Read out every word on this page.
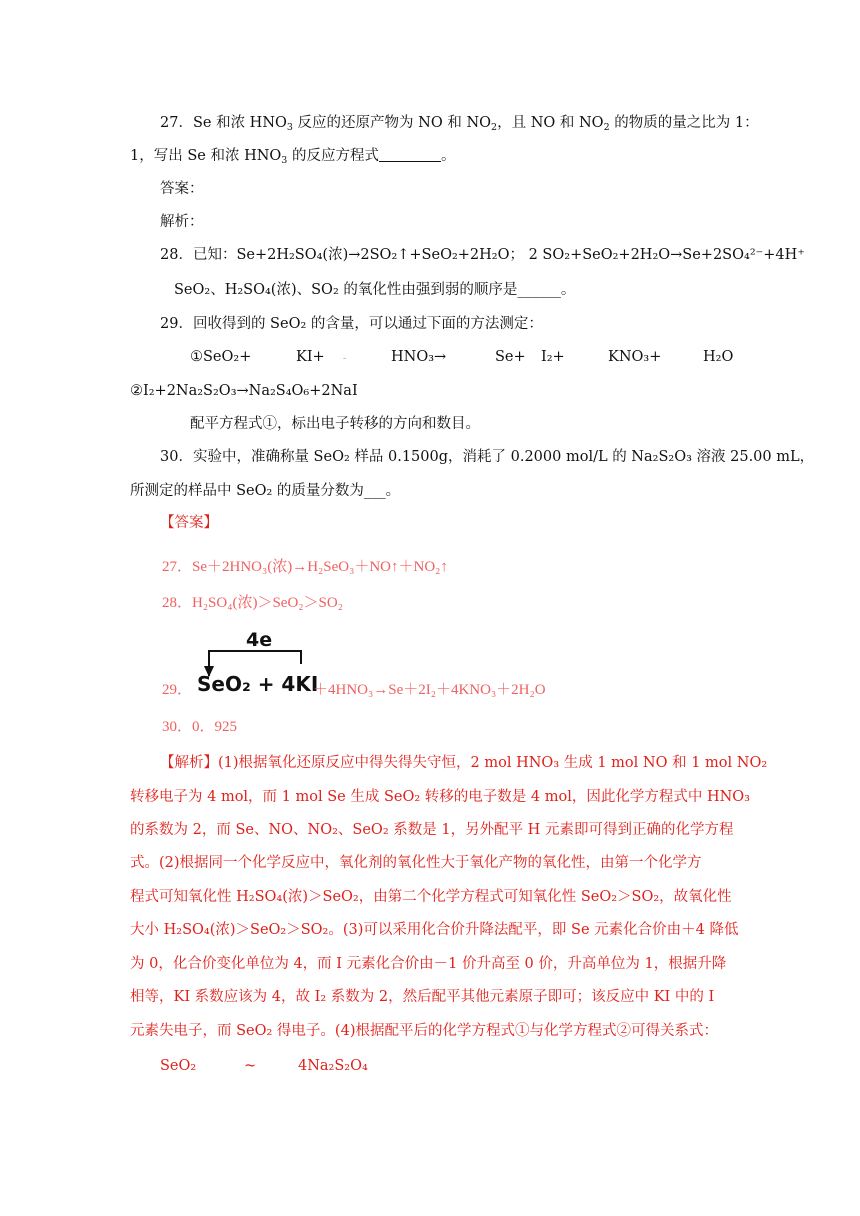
27．Se 和浓 $HNO_3$ 反应的还原产物为 NO 和 $NO_2$，且 NO 和 $NO_2$ 的物质的量之比为 1：
1，写出 Se 和浓 $HNO_3$ 的反应方程式	。
答案：
解析：
28．已知：Se+2H₂SO₄(浓)→2SO₂↑+SeO₂+2H₂O； 2 SO₂+SeO₂+2H₂O→Se+2SO₄²⁻+4H⁺
SeO₂、H₂SO₄(浓)、SO₂ 的氧化性由强到弱的顺序是______。
29．回收得到的 SeO₂ 的含量，可以通过下面的方法测定：
①SeO₂+	KI+ -	HNO₃→	Se+ I₂+	KNO₃+	H₂O
②I₂+2Na₂S₂O₃→Na₂S₄O₆+2NaI
配平方程式①，标出电子转移的方向和数目。
30．实验中，准确称量 SeO₂ 样品 0.1500g，消耗了 0.2000 mol/L 的 Na₂S₂O₃ 溶液 25.00 mL，
所测定的样品中 SeO₂ 的质量分数为___。
【答案】
27．Se＋2HNO₃(浓)→H₂SeO₃＋NO↑＋NO₂↑
28．H₂SO₄(浓)＞SeO₂＞SO₂
4e
29． SeO₂ + 4KI
＋4HNO₃→Se＋2I₂＋4KNO₃＋2H₂O
30．0．925
【解析】(1)根据氧化还原反应中得失得失守恒，2 mol HNO₃ 生成 1 mol NO 和 1 mol NO₂
转移电子为 4 mol，而 1 mol Se 生成 SeO₂ 转移的电子数是 4 mol，因此化学方程式中 HNO₃
的系数为 2，而 Se、NO、NO₂、SeO₂ 系数是 1，另外配平 H 元素即可得到正确的化学方程
式。(2)根据同一个化学反应中，氧化剂的氧化性大于氧化产物的氧化性，由第一个化学方
程式可知氧化性 H₂SO₄(浓)＞SeO₂，由第二个化学方程式可知氧化性 SeO₂＞SO₂，故氧化性
大小 H₂SO₄(浓)＞SeO₂＞SO₂。(3)可以采用化合价升降法配平，即 Se 元素化合价由＋4 降低
为 0，化合价变化单位为 4，而 I 元素化合价由－1 价升高至 0 价，升高单位为 1，根据升降
相等，KI 系数应该为 4，故 I₂ 系数为 2，然后配平其他元素原子即可；该反应中 KI 中的 I
元素失电子，而 SeO₂ 得电子。(4)根据配平后的化学方程式①与化学方程式②可得关系式：
SeO₂	~	4Na₂S₂O₄
